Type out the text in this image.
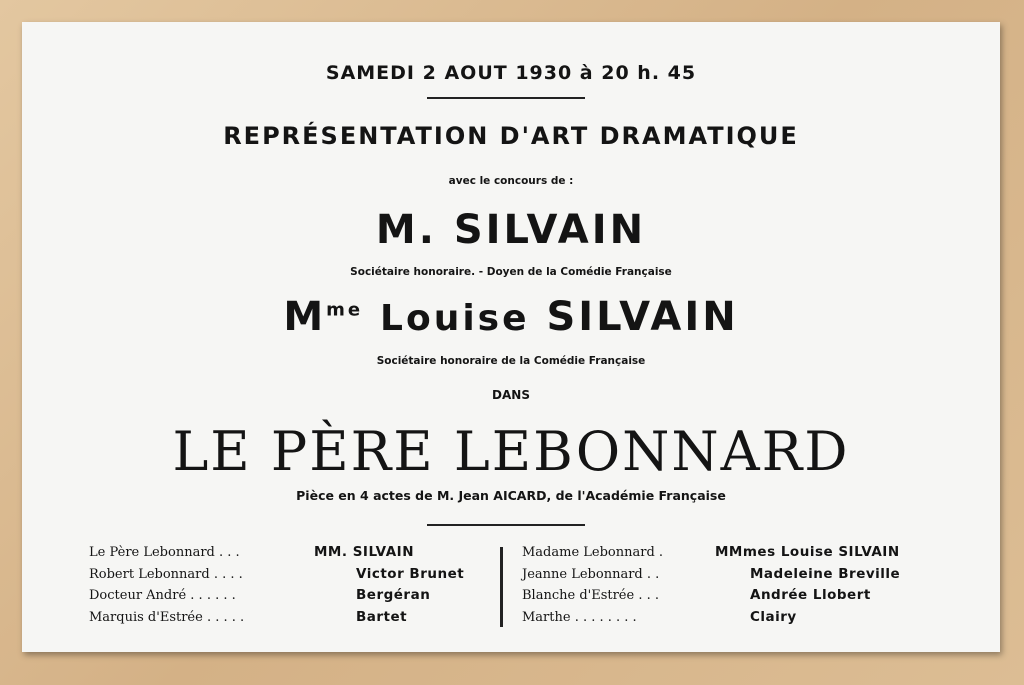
SAMEDI 2 AOUT 1930 à 20 h. 45
REPRÉSENTATION D'ART DRAMATIQUE
avec le concours de :
M. SILVAIN
Sociétaire honoraire. - Doyen de la Comédie Française
$M^{me}$ Louise SILVAIN
Sociétaire honoraire de la Comédie Française
DANS
LE PÈRE LEBONNARD
Pièce en 4 actes de M. Jean AICARD, de l'Académie Française
Le Père Lebonnard . . .	MM. SILVAIN
Robert Lebonnard . . . .	Victor Brunet
Docteur André . . . . . .	Bergéran
Marquis d'Estrée . . . . .	Bartet
Madame Lebonnard .	MMmes Louise SILVAIN
Jeanne Lebonnard . .	Madeleine Breville
Blanche d'Estrée . . .	Andrée Llobert
Marthe . . . . . . . .	Clairy
